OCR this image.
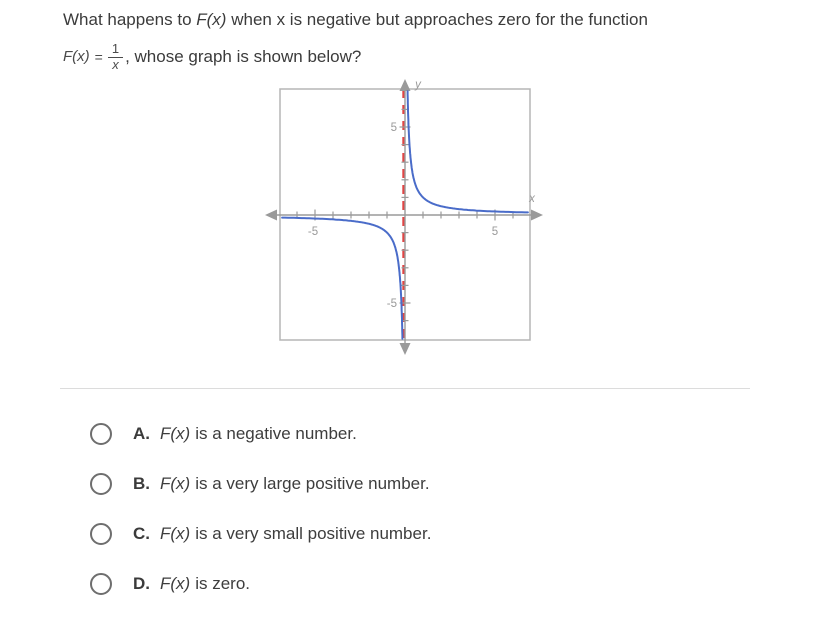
What happens to F(x) when x is negative but approaches zero for the function
$F(x) = \frac{1}{x}$ , whose graph is shown below?
-5	5
5
-5
x
y
A. F(x) is a negative number.
B. F(x) is a very large positive number.
C. F(x) is a very small positive number.
D. F(x) is zero.
